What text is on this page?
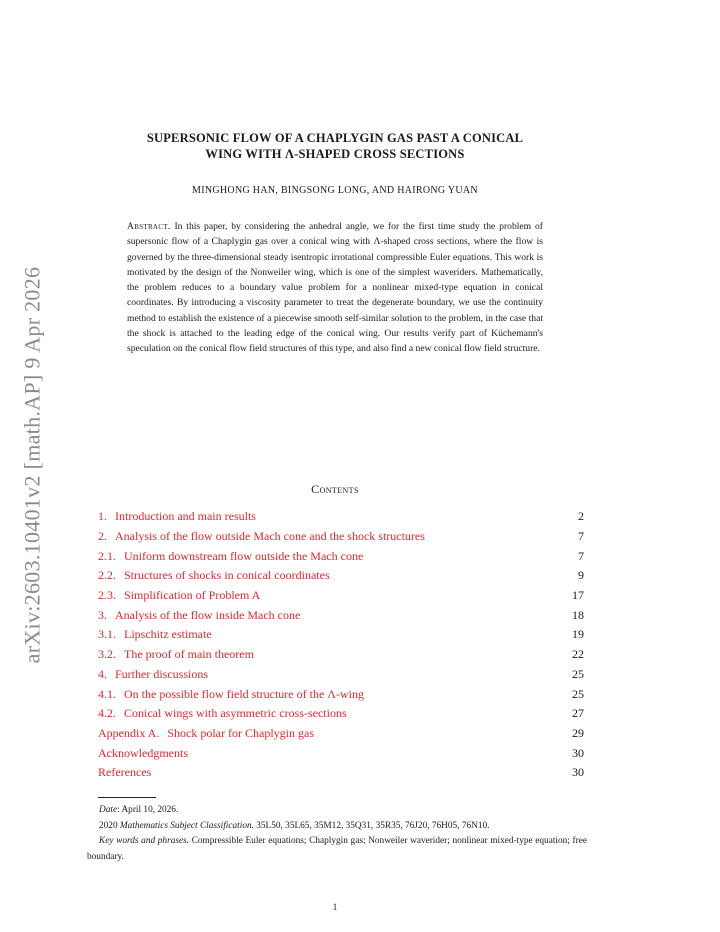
arXiv:2603.10401v2 [math.AP] 9 Apr 2026
SUPERSONIC FLOW OF A CHAPLYGIN GAS PAST A CONICAL
WING WITH Λ-SHAPED CROSS SECTIONS
MINGHONG HAN, BINGSONG LONG, AND HAIRONG YUAN
Abstract. In this paper, by considering the anhedral angle, we for the first time study the problem of supersonic flow of a Chaplygin gas over a conical wing with Λ-shaped cross sections, where the flow is governed by the three-dimensional steady isentropic irrotational compressible Euler equations. This work is motivated by the design of the Nonweiler wing, which is one of the simplest waveriders. Mathematically, the problem reduces to a boundary value problem for a nonlinear mixed-type equation in conical coordinates. By introducing a viscosity parameter to treat the degenerate boundary, we use the continuity method to establish the existence of a piecewise smooth self-similar solution to the problem, in the case that the shock is attached to the leading edge of the conical wing. Our results verify part of Küchemann's speculation on the conical flow field structures of this type, and also find a new conical flow field structure.
Contents
1. Introduction and main results	2
2. Analysis of the flow outside Mach cone and the shock structures	7
2.1. Uniform downstream flow outside the Mach cone	7
2.2. Structures of shocks in conical coordinates	9
2.3. Simplification of Problem A	17
3. Analysis of the flow inside Mach cone	18
3.1. Lipschitz estimate	19
3.2. The proof of main theorem	22
4. Further discussions	25
4.1. On the possible flow field structure of the Λ-wing	25
4.2. Conical wings with asymmetric cross-sections	27
Appendix A. Shock polar for Chaplygin gas	29
Acknowledgments	30
References	30

Date: April 10, 2026.

2020 Mathematics Subject Classification. 35L50, 35L65, 35M12, 35Q31, 35R35, 76J20, 76H05, 76N10.

Key words and phrases. Compressible Euler equations; Chaplygin gas; Nonweiler waverider; nonlinear mixed-type equation; free boundary.

1
